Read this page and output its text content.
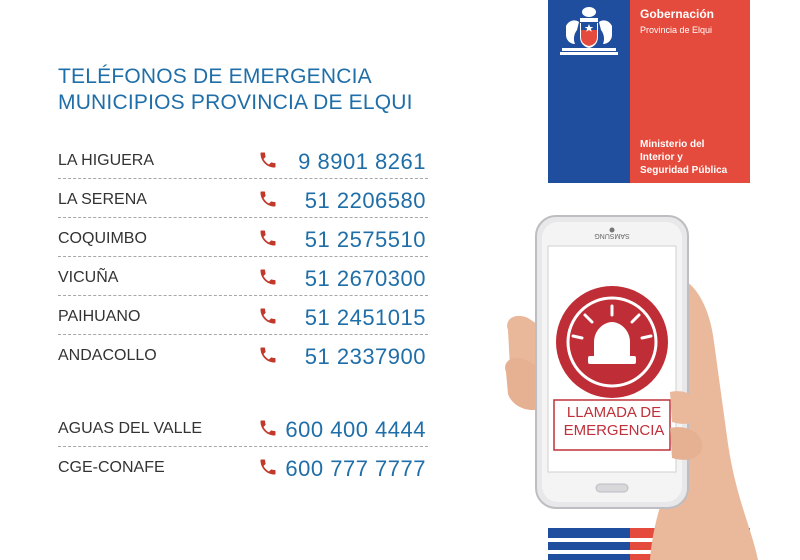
TELÉFONOS DE EMERGENCIA
MUNICIPIOS PROVINCIA DE ELQUI
LA HIGUERA	9 8901 8261
LA SERENA	51 2206580
COQUIMBO	51 2575510
VICUÑA	51 2670300
PAIHUANO	51 2451015
ANDACOLLO	51 2337900
AGUAS DEL VALLE	600 400 4444
CGE-CONAFE	600 777 7777
Gobernación
Provincia de Elqui
Ministerio del
Interior y
Seguridad Pública
SAMSUNG
LLAMADA DE
EMERGENCIA
